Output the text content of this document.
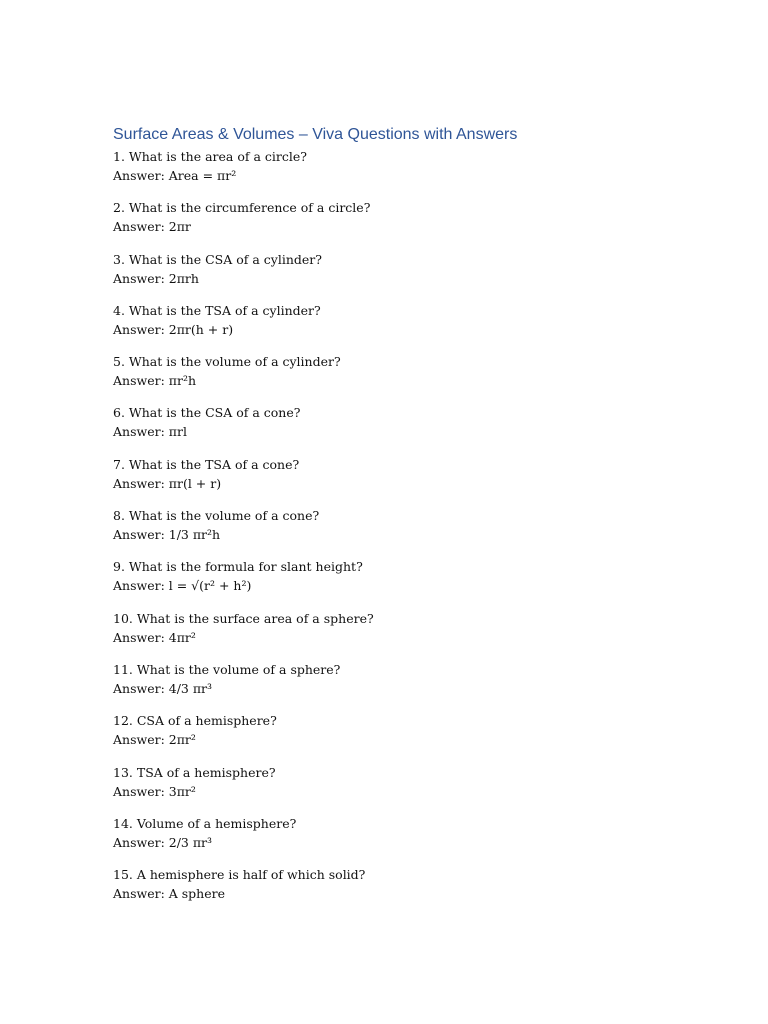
Surface Areas & Volumes – Viva Questions with Answers
1. What is the area of a circle?
Answer: Area = πr²
2. What is the circumference of a circle?
Answer: 2πr
3. What is the CSA of a cylinder?
Answer: 2πrh
4. What is the TSA of a cylinder?
Answer: 2πr(h + r)
5. What is the volume of a cylinder?
Answer: πr²h
6. What is the CSA of a cone?
Answer: πrl
7. What is the TSA of a cone?
Answer: πr(l + r)
8. What is the volume of a cone?
Answer: 1/3 πr²h
9. What is the formula for slant height?
Answer: l = √(r² + h²)
10. What is the surface area of a sphere?
Answer: 4πr²
11. What is the volume of a sphere?
Answer: 4/3 πr³
12. CSA of a hemisphere?
Answer: 2πr²
13. TSA of a hemisphere?
Answer: 3πr²
14. Volume of a hemisphere?
Answer: 2/3 πr³
15. A hemisphere is half of which solid?
Answer: A sphere
